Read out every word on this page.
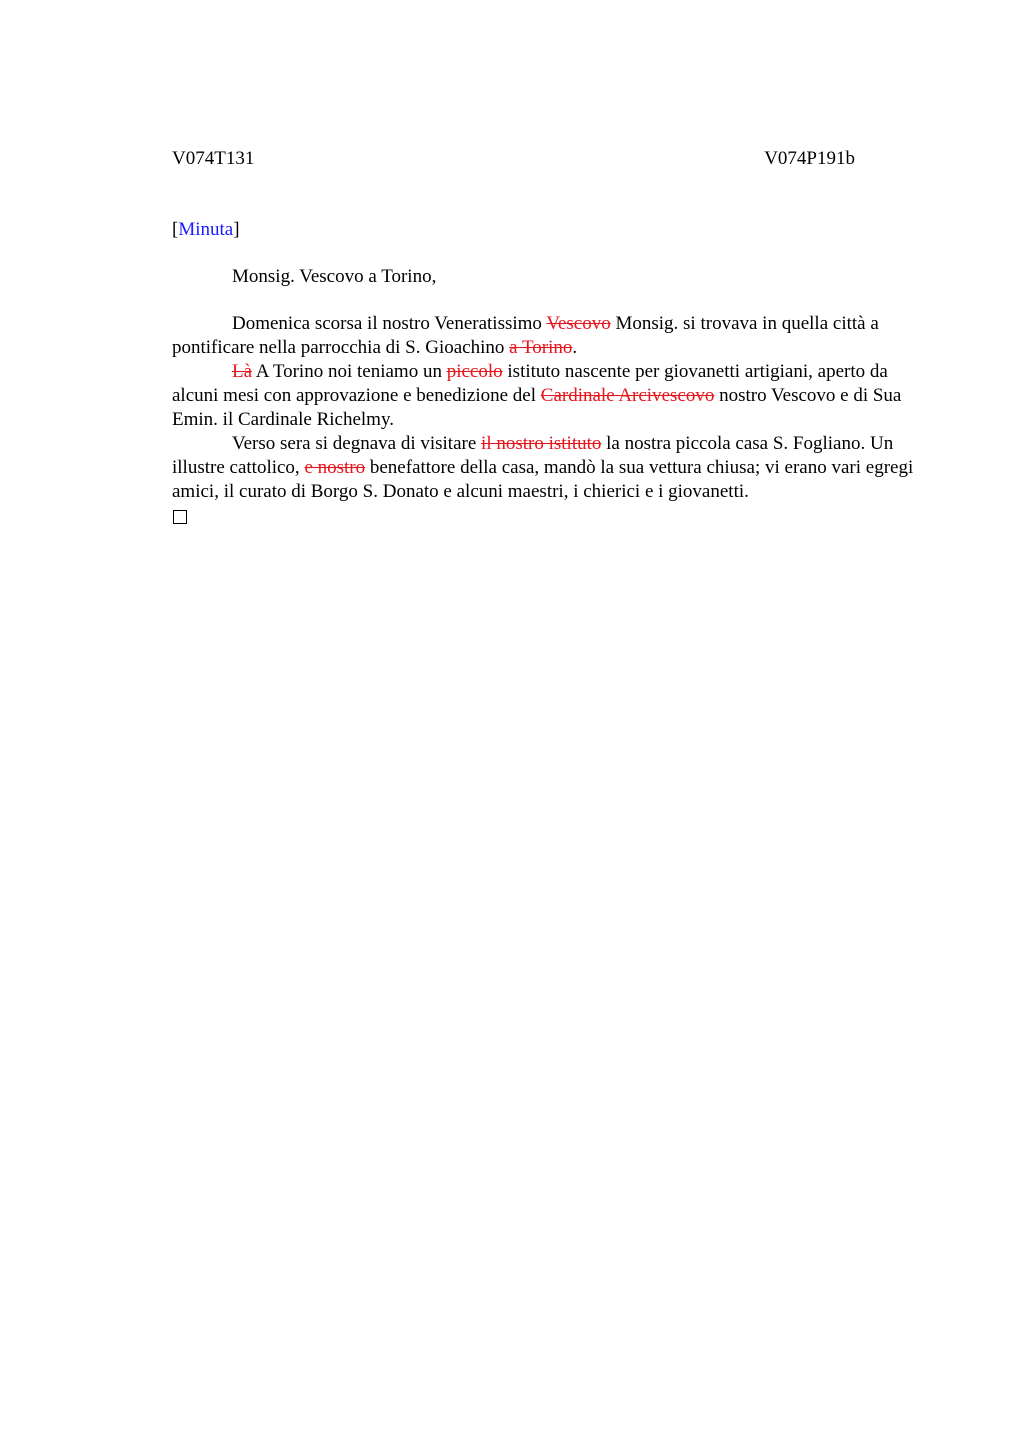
V074T131	V074P191b
[Minuta]
Monsig. Vescovo a Torino,

Domenica scorsa il nostro Veneratissimo Vescovo Monsig. si trovava in quella città a pontificare nella parrocchia di S. Gioachino a Torino.

Là A Torino noi teniamo un piccolo istituto nascente per giovanetti artigiani, aperto da alcuni mesi con approvazione e benedizione del Cardinale Arcivescovo nostro Vescovo e di Sua Emin. il Cardinale Richelmy.

Verso sera si degnava di visitare il nostro istituto la nostra piccola casa S. Fogliano. Un illustre cattolico, e nostro benefattore della casa, mandò la sua vettura chiusa; vi erano vari egregi amici, il curato di Borgo S. Donato e alcuni maestri, i chierici e i giovanetti.
